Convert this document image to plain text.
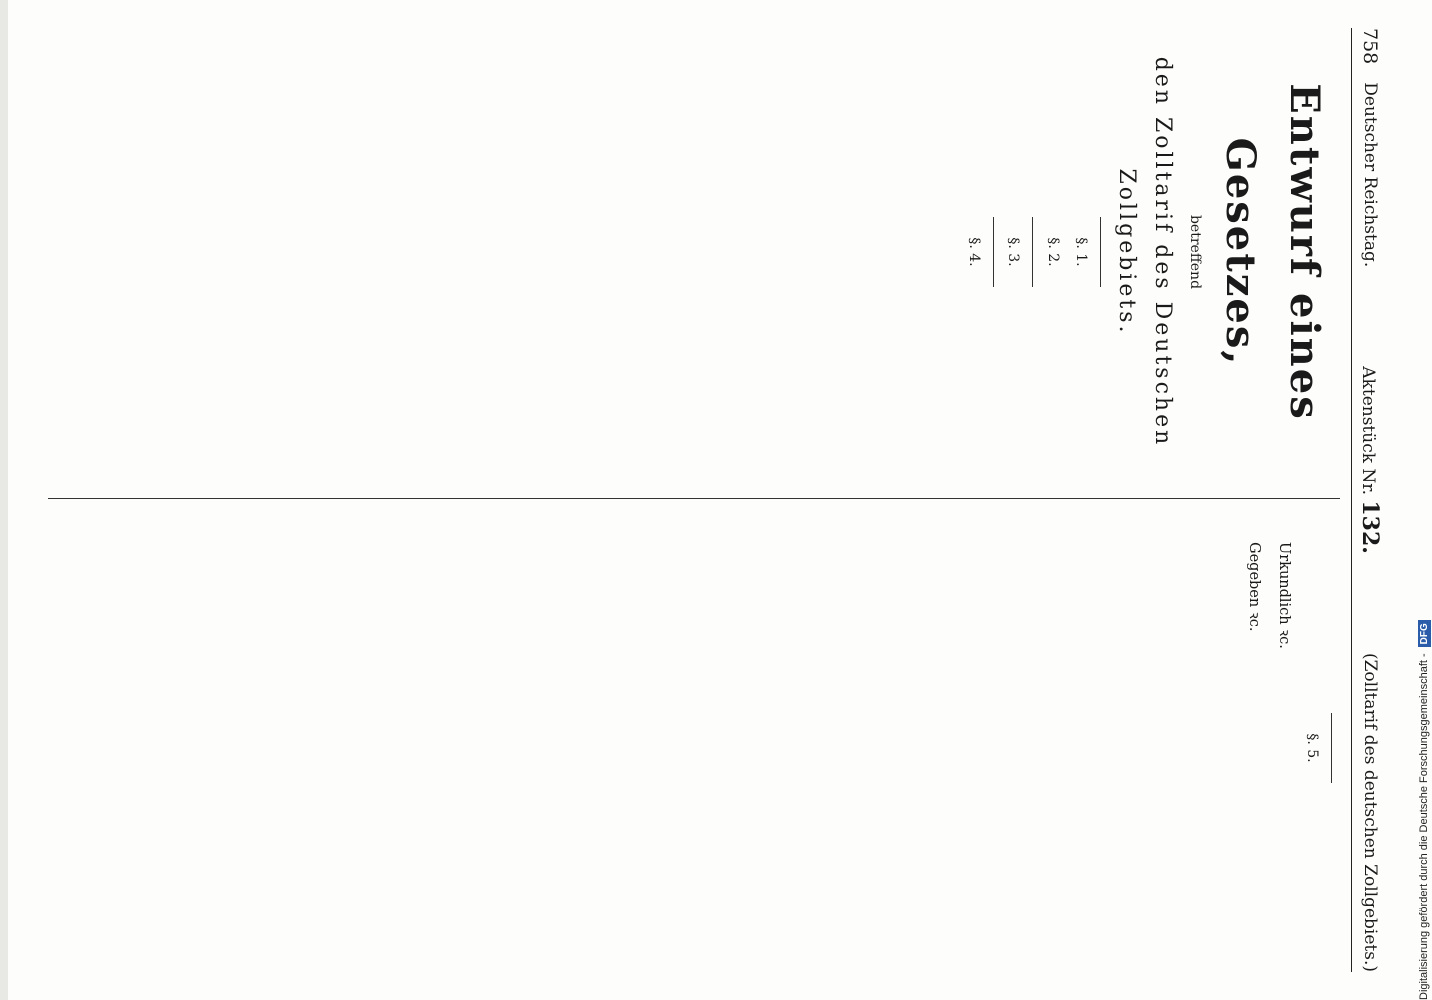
758
Deutscher Reichstag.
Aktenstück Nr. 132.
(Zolltarif des deutschen Zollgebiets.)
Entwurf eines Gesetzes,
betreffend
den Zolltarif des Deutschen Zollgebiets.

§. 1.

§. 2.

§. 3.

§. 4.

§. 5.

Urkundlich ꝛc.

Gegeben ꝛc.

Digitalisierung gefördert durch die Deutsche Forschungsgemeinschaft -DFG
